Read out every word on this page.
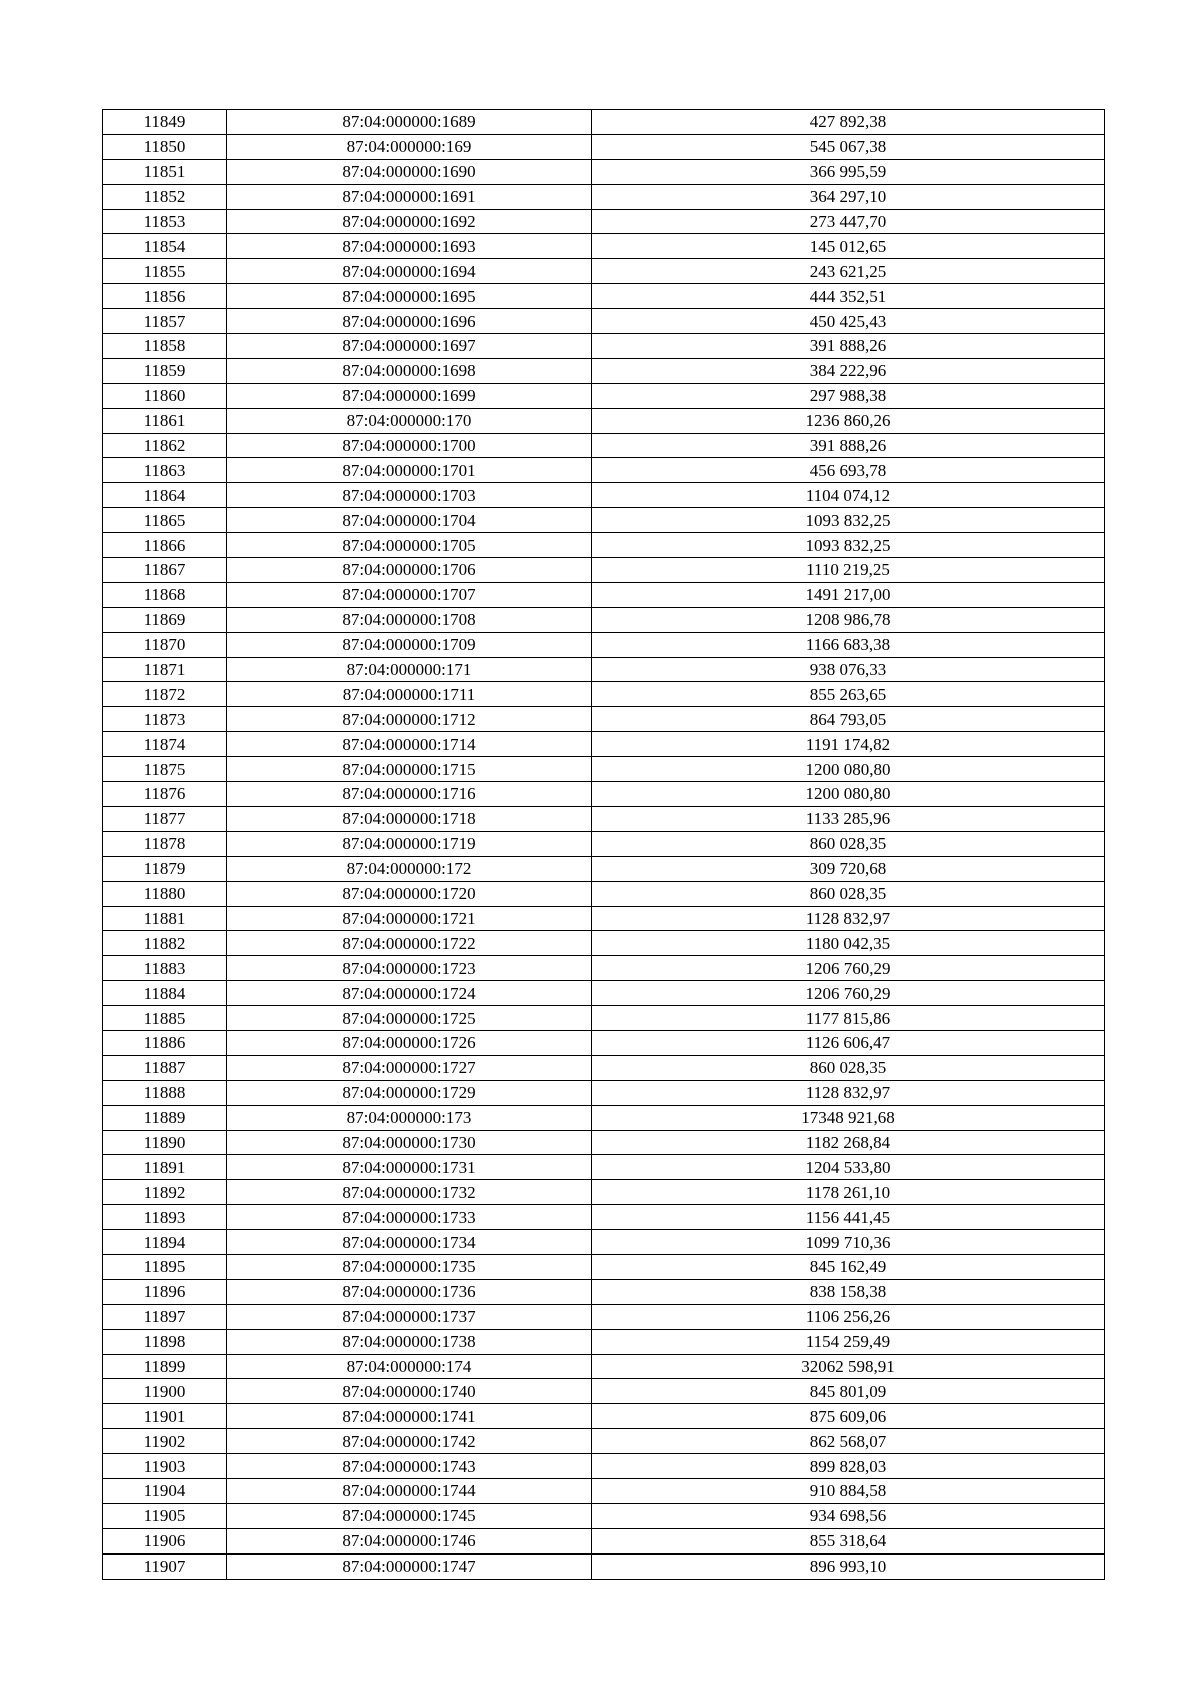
11849	87:04:000000:1689	427 892,38
11850	87:04:000000:169	545 067,38
11851	87:04:000000:1690	366 995,59
11852	87:04:000000:1691	364 297,10
11853	87:04:000000:1692	273 447,70
11854	87:04:000000:1693	145 012,65
11855	87:04:000000:1694	243 621,25
11856	87:04:000000:1695	444 352,51
11857	87:04:000000:1696	450 425,43
11858	87:04:000000:1697	391 888,26
11859	87:04:000000:1698	384 222,96
11860	87:04:000000:1699	297 988,38
11861	87:04:000000:170	1236 860,26
11862	87:04:000000:1700	391 888,26
11863	87:04:000000:1701	456 693,78
11864	87:04:000000:1703	1104 074,12
11865	87:04:000000:1704	1093 832,25
11866	87:04:000000:1705	1093 832,25
11867	87:04:000000:1706	1110 219,25
11868	87:04:000000:1707	1491 217,00
11869	87:04:000000:1708	1208 986,78
11870	87:04:000000:1709	1166 683,38
11871	87:04:000000:171	938 076,33
11872	87:04:000000:1711	855 263,65
11873	87:04:000000:1712	864 793,05
11874	87:04:000000:1714	1191 174,82
11875	87:04:000000:1715	1200 080,80
11876	87:04:000000:1716	1200 080,80
11877	87:04:000000:1718	1133 285,96
11878	87:04:000000:1719	860 028,35
11879	87:04:000000:172	309 720,68
11880	87:04:000000:1720	860 028,35
11881	87:04:000000:1721	1128 832,97
11882	87:04:000000:1722	1180 042,35
11883	87:04:000000:1723	1206 760,29
11884	87:04:000000:1724	1206 760,29
11885	87:04:000000:1725	1177 815,86
11886	87:04:000000:1726	1126 606,47
11887	87:04:000000:1727	860 028,35
11888	87:04:000000:1729	1128 832,97
11889	87:04:000000:173	17348 921,68
11890	87:04:000000:1730	1182 268,84
11891	87:04:000000:1731	1204 533,80
11892	87:04:000000:1732	1178 261,10
11893	87:04:000000:1733	1156 441,45
11894	87:04:000000:1734	1099 710,36
11895	87:04:000000:1735	845 162,49
11896	87:04:000000:1736	838 158,38
11897	87:04:000000:1737	1106 256,26
11898	87:04:000000:1738	1154 259,49
11899	87:04:000000:174	32062 598,91
11900	87:04:000000:1740	845 801,09
11901	87:04:000000:1741	875 609,06
11902	87:04:000000:1742	862 568,07
11903	87:04:000000:1743	899 828,03
11904	87:04:000000:1744	910 884,58
11905	87:04:000000:1745	934 698,56
11906	87:04:000000:1746	855 318,64
11907	87:04:000000:1747	896 993,10
